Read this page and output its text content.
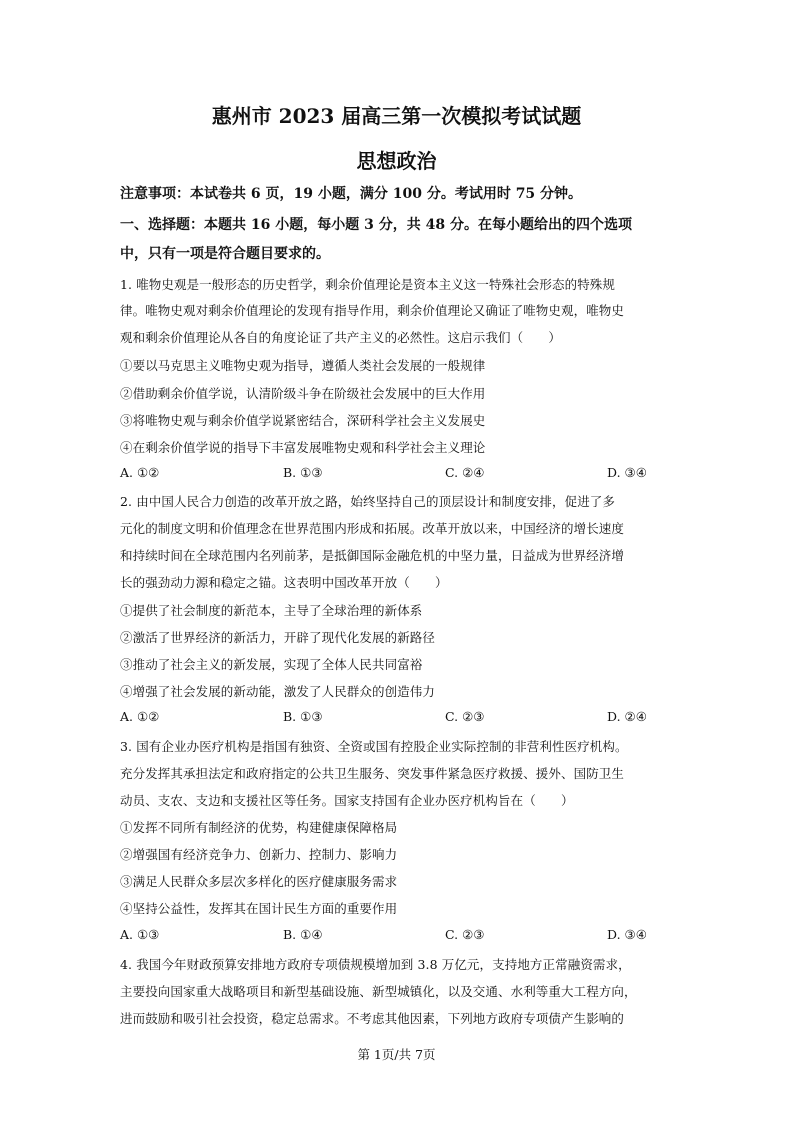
惠州市 2023 届高三第一次模拟考试试题
思想政治

注意事项：本试卷共 6 页，19 小题，满分 100 分。考试用时 75 分钟。

一、选择题：本题共 16 小题，每小题 3 分，共 48 分。在每小题给出的四个选项

中，只有一项是符合题目要求的。

1. 唯物史观是一般形态的历史哲学，剩余价值理论是资本主义这一特殊社会形态的特殊规

律。唯物史观对剩余价值理论的发现有指导作用，剩余价值理论又确证了唯物史观，唯物史

观和剩余价值理论从各自的角度论证了共产主义的必然性。这启示我们（　　）

①要以马克思主义唯物史观为指导，遵循人类社会发展的一般规律

②借助剩余价值学说，认清阶级斗争在阶级社会发展中的巨大作用

③将唯物史观与剩余价值学说紧密结合，深研科学社会主义发展史

④在剩余价值学说的指导下丰富发展唯物史观和科学社会主义理论

A. ①②	B. ①③	C. ②④	D. ③④

2. 由中国人民合力创造的改革开放之路，始终坚持自己的顶层设计和制度安排，促进了多

元化的制度文明和价值理念在世界范围内形成和拓展。改革开放以来，中国经济的增长速度

和持续时间在全球范围内名列前茅，是抵御国际金融危机的中坚力量，日益成为世界经济增

长的强劲动力源和稳定之锚。这表明中国改革开放（　　）

①提供了社会制度的新范本，主导了全球治理的新体系

②激活了世界经济的新活力，开辟了现代化发展的新路径

③推动了社会主义的新发展，实现了全体人民共同富裕

④增强了社会发展的新动能，激发了人民群众的创造伟力

A. ①②	B. ①③	C. ②③	D. ②④

3. 国有企业办医疗机构是指国有独资、全资或国有控股企业实际控制的非营利性医疗机构。

充分发挥其承担法定和政府指定的公共卫生服务、突发事件紧急医疗救援、援外、国防卫生

动员、支农、支边和支援社区等任务。国家支持国有企业办医疗机构旨在（　　）

①发挥不同所有制经济的优势，构建健康保障格局

②增强国有经济竞争力、创新力、控制力、影响力

③满足人民群众多层次多样化的医疗健康服务需求

④坚持公益性，发挥其在国计民生方面的重要作用

A. ①③	B. ①④	C. ②③	D. ③④

4. 我国今年财政预算安排地方政府专项债规模增加到 3.8 万亿元，支持地方正常融资需求，

主要投向国家重大战略项目和新型基础设施、新型城镇化，以及交通、水利等重大工程方向，

进而鼓励和吸引社会投资，稳定总需求。不考虑其他因素，下列地方政府专项债产生影响的

第 1页/共 7页
